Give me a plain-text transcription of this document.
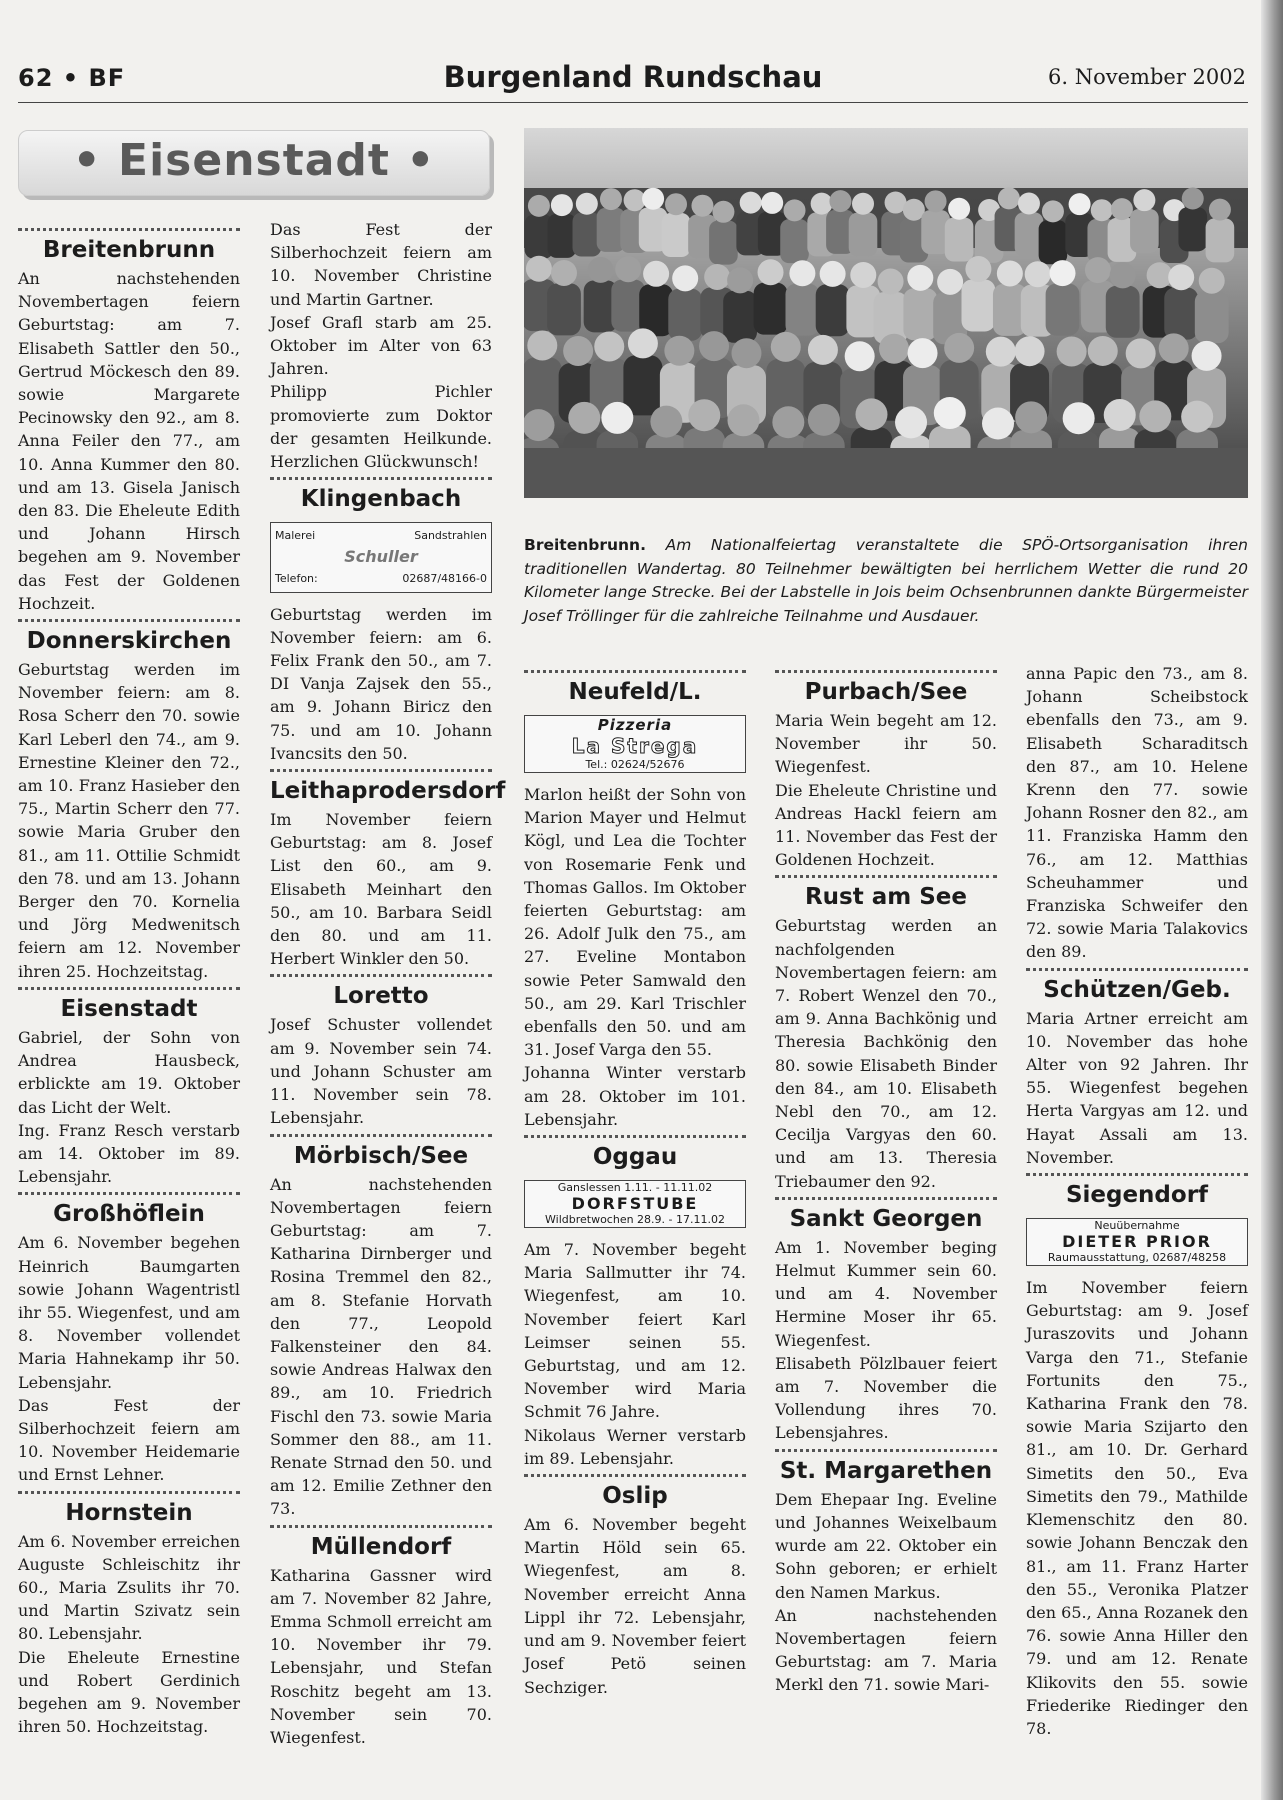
62 • BF	Burgenland Rundschau	6. November 2002
• Eisenstadt •
Breitenbrunn

An nachstehenden Novembertagen feiern Geburtstag: am 7. Elisabeth Sattler den 50., Gertrud Möckesch den 89. sowie Margarete Pecinowsky den 92., am 8. Anna Feiler den 77., am 10. Anna Kummer den 80. und am 13. Gisela Janisch den 83. Die Eheleute Edith und Johann Hirsch begehen am 9. November das Fest der Goldenen Hochzeit.

Donnerskirchen

Geburtstag werden im November feiern: am 8. Rosa Scherr den 70. sowie Karl Leberl den 74., am 9. Ernestine Kleiner den 72., am 10. Franz Hasieber den 75., Martin Scherr den 77. sowie Maria Gruber den 81., am 11. Ottilie Schmidt den 78. und am 13. Johann Berger den 70. Kornelia und Jörg Medwenitsch feiern am 12. November ihren 25. Hochzeitstag.

Eisenstadt

Gabriel, der Sohn von Andrea Hausbeck, erblickte am 19. Oktober das Licht der Welt.

Ing. Franz Resch verstarb am 14. Oktober im 89. Lebensjahr.

Großhöflein

Am 6. November begehen Heinrich Baumgarten sowie Johann Wagentristl ihr 55. Wiegenfest, und am 8. November vollendet Maria Hahnekamp ihr 50. Lebensjahr.

Das Fest der Silberhochzeit feiern am 10. November Heidemarie und Ernst Lehner.

Hornstein

Am 6. November erreichen Auguste Schleischitz ihr 60., Maria Zsulits ihr 70. und Martin Szivatz sein 80. Lebensjahr.

Die Eheleute Ernestine und Robert Gerdinich begehen am 9. November ihren 50. Hochzeitstag.

Das Fest der Silberhochzeit feiern am 10. November Christine und Martin Gartner.

Josef Grafl starb am 25. Oktober im Alter von 63 Jahren.

Philipp Pichler promovierte zum Doktor der gesamten Heilkunde. Herzlichen Glückwunsch!

Klingenbach
Malerei	Sandstrahlen
Schuller
Telefon:	02687/48166-0

Geburtstag werden im November feiern: am 6. Felix Frank den 50., am 7. DI Vanja Zajsek den 55., am 9. Johann Biricz den 75. und am 10. Johann Ivancsits den 50.

Leithaprodersdorf

Im November feiern Geburtstag: am 8. Josef List den 60., am 9. Elisabeth Meinhart den 50., am 10. Barbara Seidl den 80. und am 11. Herbert Winkler den 50.

Loretto

Josef Schuster vollendet am 9. November sein 74. und Johann Schuster am 11. November sein 78. Lebensjahr.

Mörbisch/See

An nachstehenden Novembertagen feiern Geburtstag: am 7. Katharina Dirnberger und Rosina Tremmel den 82., am 8. Stefanie Horvath den 77., Leopold Falkensteiner den 84. sowie Andreas Halwax den 89., am 10. Friedrich Fischl den 73. sowie Maria Sommer den 88., am 11. Renate Strnad den 50. und am 12. Emilie Zethner den 73.

Müllendorf

Katharina Gassner wird am 7. November 82 Jahre, Emma Schmoll erreicht am 10. November ihr 79. Lebensjahr, und Stefan Roschitz begeht am 13. November sein 70. Wiegenfest.

Breitenbrunn. Am Nationalfeiertag veranstaltete die SPÖ-Ortsorganisation ihren traditionellen Wandertag. 80 Teilnehmer bewältigten bei herrlichem Wetter die rund 20 Kilometer lange Strecke. Bei der Labstelle in Jois beim Ochsenbrunnen dankte Bürgermeister Josef Tröllinger für die zahlreiche Teilnahme und Ausdauer.
Neufeld/L.
Pizzeria
La Strega
Tel.: 02624/52676

Marlon heißt der Sohn von Marion Mayer und Helmut Kögl, und Lea die Tochter von Rosemarie Fenk und Thomas Gallos. Im Oktober feierten Geburtstag: am 26. Adolf Julk den 75., am 27. Eveline Montabon sowie Peter Samwald den 50., am 29. Karl Trischler ebenfalls den 50. und am 31. Josef Varga den 55.

Johanna Winter verstarb am 28. Oktober im 101. Lebensjahr.

Oggau
Ganslessen 1.11. - 11.11.02
DORFSTUBE
Wildbretwochen 28.9. - 17.11.02

Am 7. November begeht Maria Sallmutter ihr 74. Wiegenfest, am 10. November feiert Karl Leimser seinen 55. Geburtstag, und am 12. November wird Maria Schmit 76 Jahre.

Nikolaus Werner verstarb im 89. Lebensjahr.

Oslip

Am 6. November begeht Martin Höld sein 65. Wiegenfest, am 8. November erreicht Anna Lippl ihr 72. Lebensjahr, und am 9. November feiert Josef Petö seinen Sechziger.

Purbach/See

Maria Wein begeht am 12. November ihr 50. Wiegenfest.

Die Eheleute Christine und Andreas Hackl feiern am 11. November das Fest der Goldenen Hochzeit.

Rust am See

Geburtstag werden an nachfolgenden Novembertagen feiern: am 7. Robert Wenzel den 70., am 9. Anna Bachkönig und Theresia Bachkönig den 80. sowie Elisabeth Binder den 84., am 10. Elisabeth Nebl den 70., am 12. Cecilja Vargyas den 60. und am 13. Theresia Triebaumer den 92.

Sankt Georgen

Am 1. November beging Helmut Kummer sein 60. und am 4. November Hermine Moser ihr 65. Wiegenfest.

Elisabeth Pölzlbauer feiert am 7. November die Vollendung ihres 70. Lebensjahres.

St. Margarethen

Dem Ehepaar Ing. Eveline und Johannes Weixelbaum wurde am 22. Oktober ein Sohn geboren; er erhielt den Namen Markus.

An nachstehenden Novembertagen feiern Geburtstag: am 7. Maria Merkl den 71. sowie Mari-

anna Papic den 73., am 8. Johann Scheibstock ebenfalls den 73., am 9. Elisabeth Scharaditsch den 87., am 10. Helene Krenn den 77. sowie Johann Rosner den 82., am 11. Franziska Hamm den 76., am 12. Matthias Scheuhammer und Franziska Schweifer den 72. sowie Maria Talakovics den 89.

Schützen/Geb.

Maria Artner erreicht am 10. November das hohe Alter von 92 Jahren. Ihr 55. Wiegenfest begehen Herta Vargyas am 12. und Hayat Assali am 13. November.

Siegendorf
Neuübernahme
DIETER PRIOR
Raumausstattung, 02687/48258

Im November feiern Geburtstag: am 9. Josef Juraszovits und Johann Varga den 71., Stefanie Fortunits den 75., Katharina Frank den 78. sowie Maria Szijarto den 81., am 10. Dr. Gerhard Simetits den 50., Eva Simetits den 79., Mathilde Klemenschitz den 80. sowie Johann Benczak den 81., am 11. Franz Harter den 55., Veronika Platzer den 65., Anna Rozanek den 76. sowie Anna Hiller den 79. und am 12. Renate Klikovits den 55. sowie Friederike Riedinger den 78.
